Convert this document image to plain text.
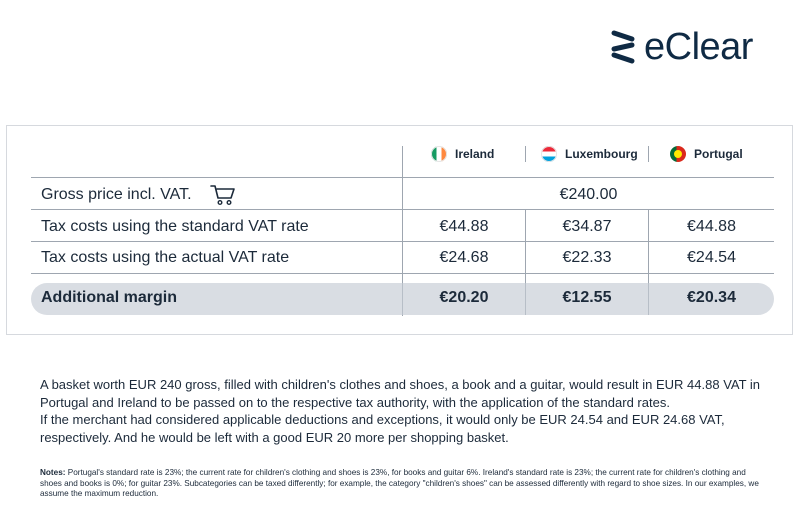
eClear
Ireland	Luxembourg	Portugal
Gross price incl. VAT.	€240.00
Tax costs using the standard VAT rate	€44.88	€34.87	€44.88
Tax costs using the actual VAT rate	€24.68	€22.33	€24.54
Additional margin	€20.20	€12.55	€20.34

A basket worth EUR 240 gross, filled with children's clothes and shoes, a book and a guitar, would result in EUR 44.88 VAT in Portugal and Ireland to be passed on to the respective tax authority, with the application of the standard rates.

If the merchant had considered applicable deductions and exceptions, it would only be EUR 24.54 and EUR 24.68 VAT, respectively. And he would be left with a good EUR 20 more per shopping basket.

Notes: Portugal's standard rate is 23%; the current rate for children's clothing and shoes is 23%, for books and guitar 6%. Ireland's standard rate is 23%; the current rate for children's clothing and shoes and books is 0%; for guitar 23%. Subcategories can be taxed differently; for example, the category "children's shoes" can be assessed differently with regard to shoe sizes. In our examples, we assume the maximum reduction.
